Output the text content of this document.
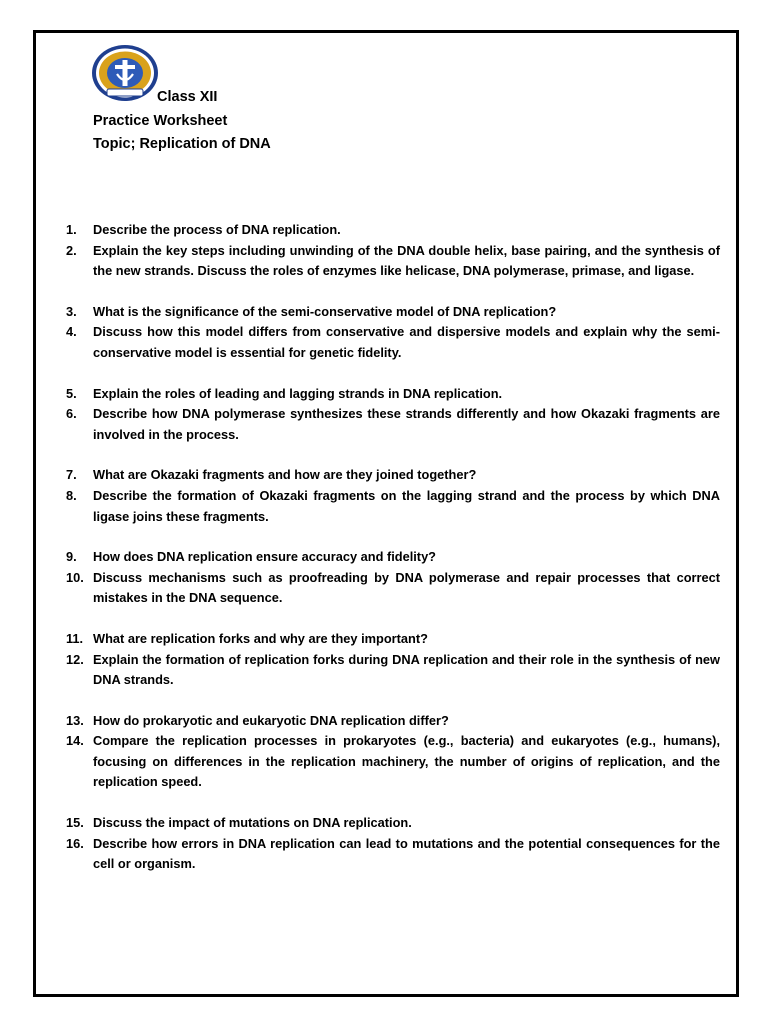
Class XII
Practice Worksheet
Topic; Replication of DNA
1.	Describe the process of DNA replication.
2.	Explain the key steps including unwinding of the DNA double helix, base pairing, and the synthesis of the new strands. Discuss the roles of enzymes like helicase, DNA polymerase, primase, and ligase.
3.	What is the significance of the semi-conservative model of DNA replication?
4.	Discuss how this model differs from conservative and dispersive models and explain why the semi-conservative model is essential for genetic fidelity.
5.	Explain the roles of leading and lagging strands in DNA replication.
6.	Describe how DNA polymerase synthesizes these strands differently and how Okazaki fragments are involved in the process.
7.	What are Okazaki fragments and how are they joined together?
8.	Describe the formation of Okazaki fragments on the lagging strand and the process by which DNA ligase joins these fragments.
9.	How does DNA replication ensure accuracy and fidelity?
10. Discuss mechanisms such as proofreading by DNA polymerase and repair processes that correct mistakes in the DNA sequence.
11. What are replication forks and why are they important?
12. Explain the formation of replication forks during DNA replication and their role in the synthesis of new DNA strands.
13. How do prokaryotic and eukaryotic DNA replication differ?
14. Compare the replication processes in prokaryotes (e.g., bacteria) and eukaryotes (e.g., humans), focusing on differences in the replication machinery, the number of origins of replication, and the replication speed.
15. Discuss the impact of mutations on DNA replication.
16. Describe how errors in DNA replication can lead to mutations and the potential consequences for the cell or organism.
